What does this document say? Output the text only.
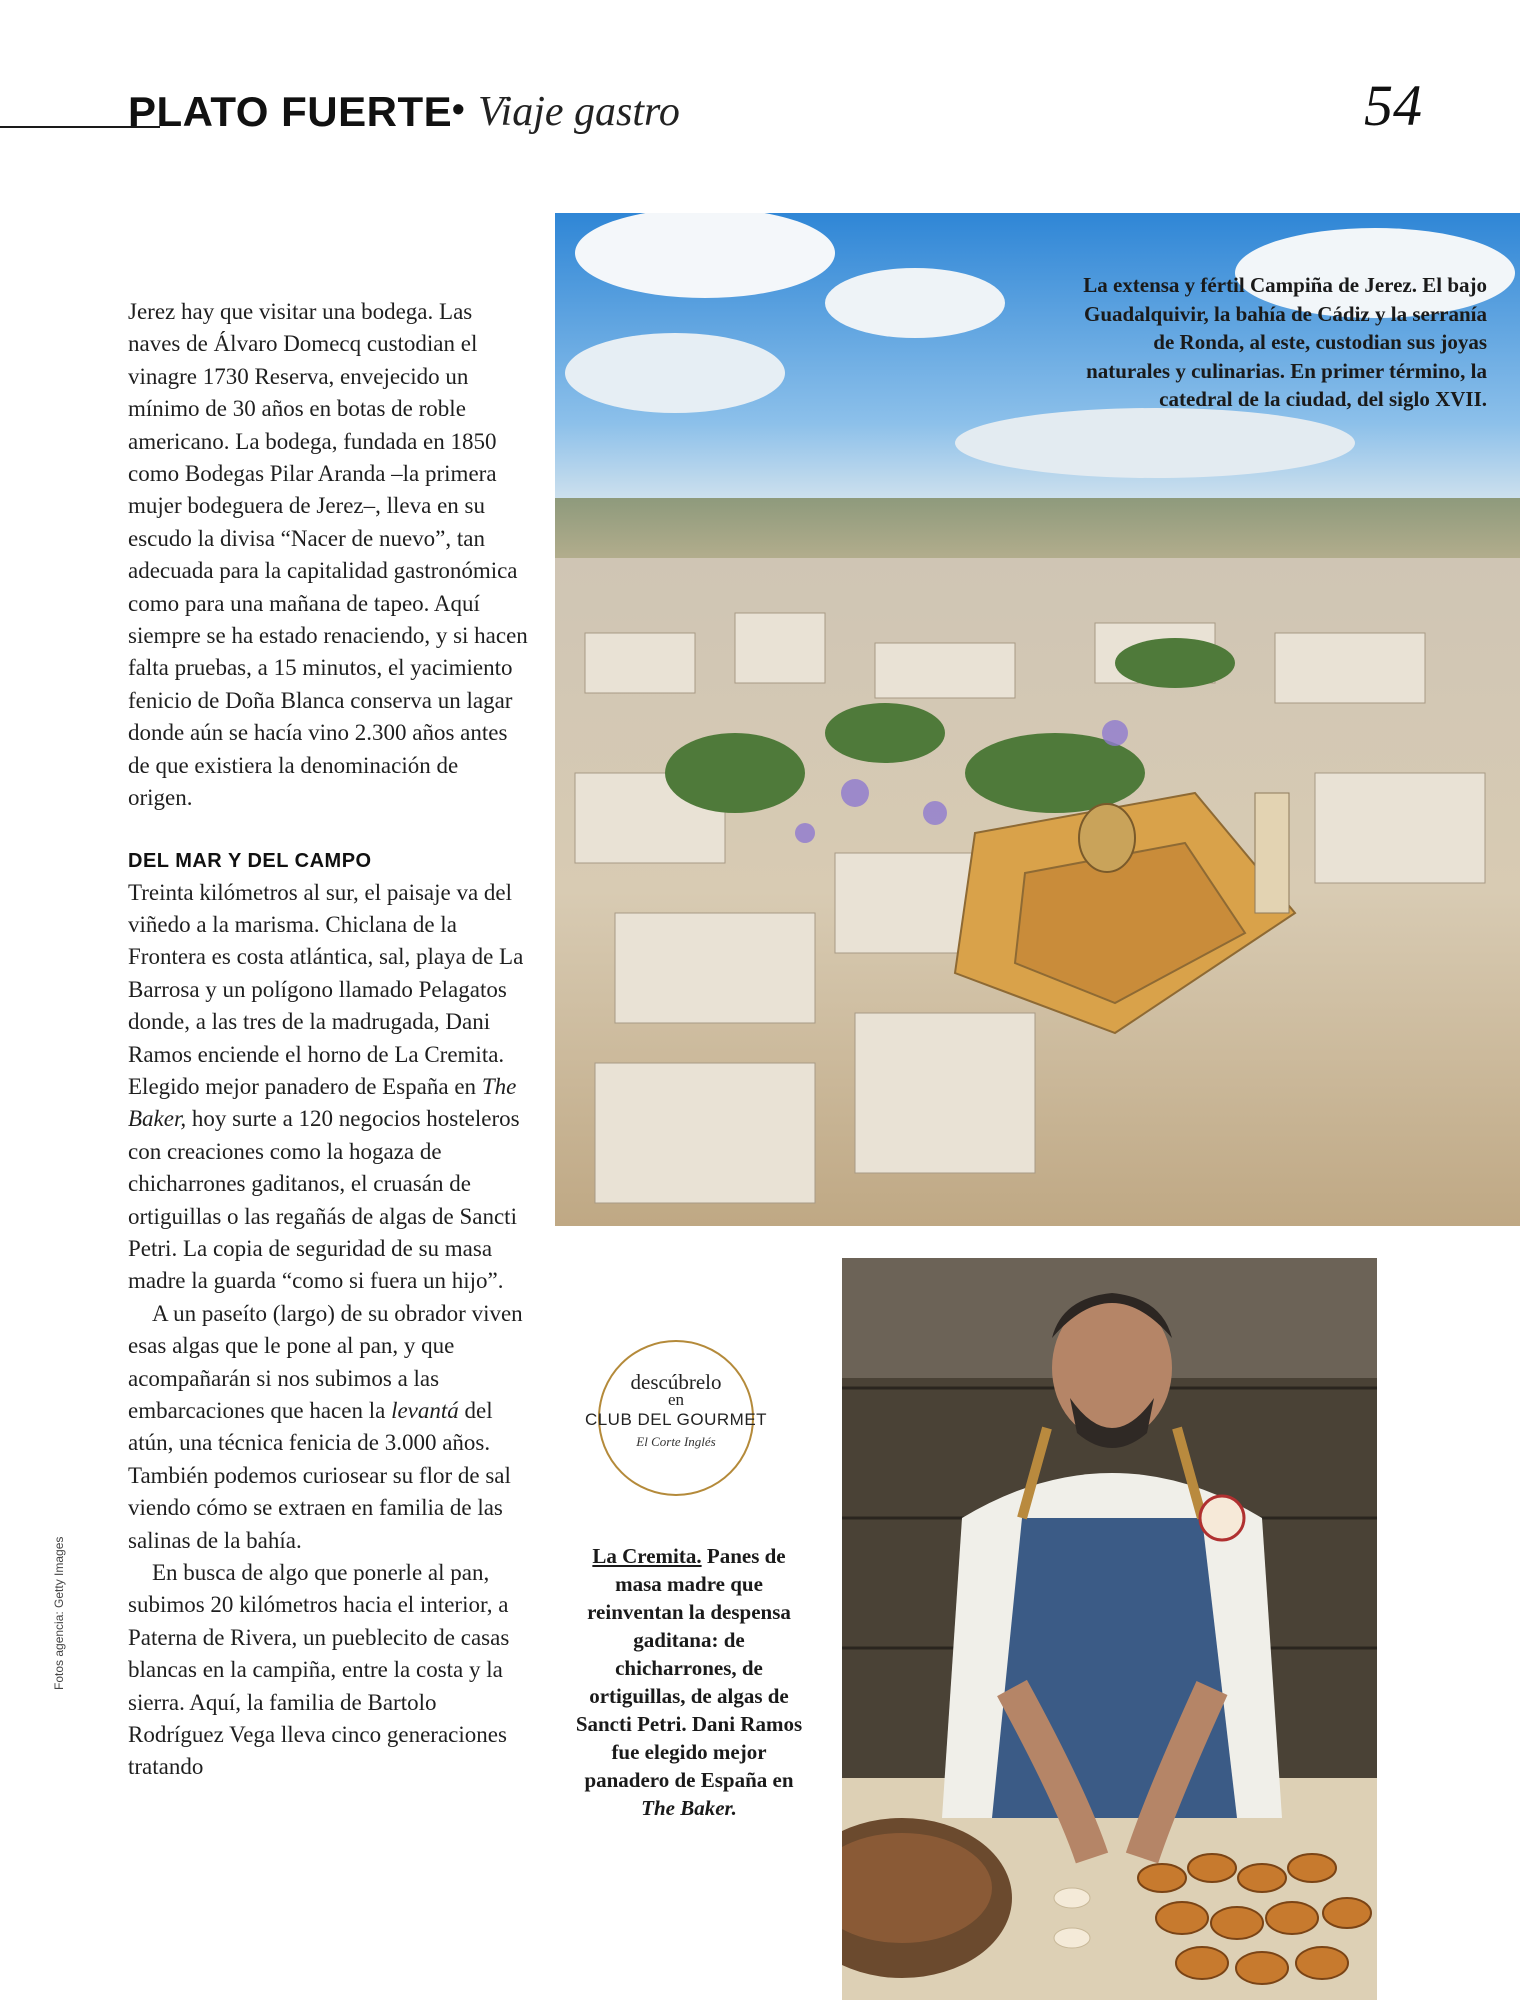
PLATO FUERTE • Viaje gastro	54

Jerez hay que visitar una bodega. Las naves de Álvaro Domecq custodian el vinagre 1730 Reserva, envejecido un mínimo de 30 años en botas de roble americano. La bodega, fundada en 1850 como Bodegas Pilar Aranda –la primera mujer bodeguera de Jerez–, lleva en su escudo la divisa “Nacer de nuevo”, tan adecuada para la capitalidad gastronómica como para una mañana de tapeo. Aquí siempre se ha estado renaciendo, y si hacen falta pruebas, a 15 minutos, el yacimiento fenicio de Doña Blanca conserva un lagar donde aún se hacía vino 2.300 años antes de que existiera la denominación de origen.

DEL MAR Y DEL CAMPO

Treinta kilómetros al sur, el paisaje va del viñedo a la marisma. Chiclana de la Frontera es costa atlántica, sal, playa de La Barrosa y un polígono llamado Pelagatos donde, a las tres de la madrugada, Dani Ramos enciende el horno de La Cremita. Elegido mejor panadero de España en The Baker, hoy surte a 120 negocios hosteleros con creaciones como la hogaza de chicharrones gaditanos, el cruasán de ortiguillas o las regañás de algas de Sancti Petri. La copia de seguridad de su masa madre la guarda “como si fuera un hijo”.

A un paseíto (largo) de su obrador viven esas algas que le pone al pan, y que acompañarán si nos subimos a las embarcaciones que hacen la levantá del atún, una técnica fenicia de 3.000 años. También podemos curiosear su flor de sal viendo cómo se extraen en familia de las salinas de la bahía.

En busca de algo que ponerle al pan, subimos 20 kilómetros hacia el interior, a Paterna de Rivera, un pueblecito de casas blancas en la campiña, entre la costa y la sierra. Aquí, la familia de Bartolo Rodríguez Vega lleva cinco generaciones tratando

La extensa y fértil Campiña de Jerez. El bajo Guadalquivir, la bahía de Cádiz y la serranía de Ronda, al este, custodian sus joyas naturales y culinarias. En primer término, la catedral de la ciudad, del siglo XVII.
Fotos agencia: Getty Images
descúbrelo
en
CLUB DEL GOURMET
El Corte Inglés
La Cremita. Panes de masa madre que reinventan la despensa gaditana: de chicharrones, de ortiguillas, de algas de Sancti Petri. Dani Ramos fue elegido mejor panadero de España en The Baker.
